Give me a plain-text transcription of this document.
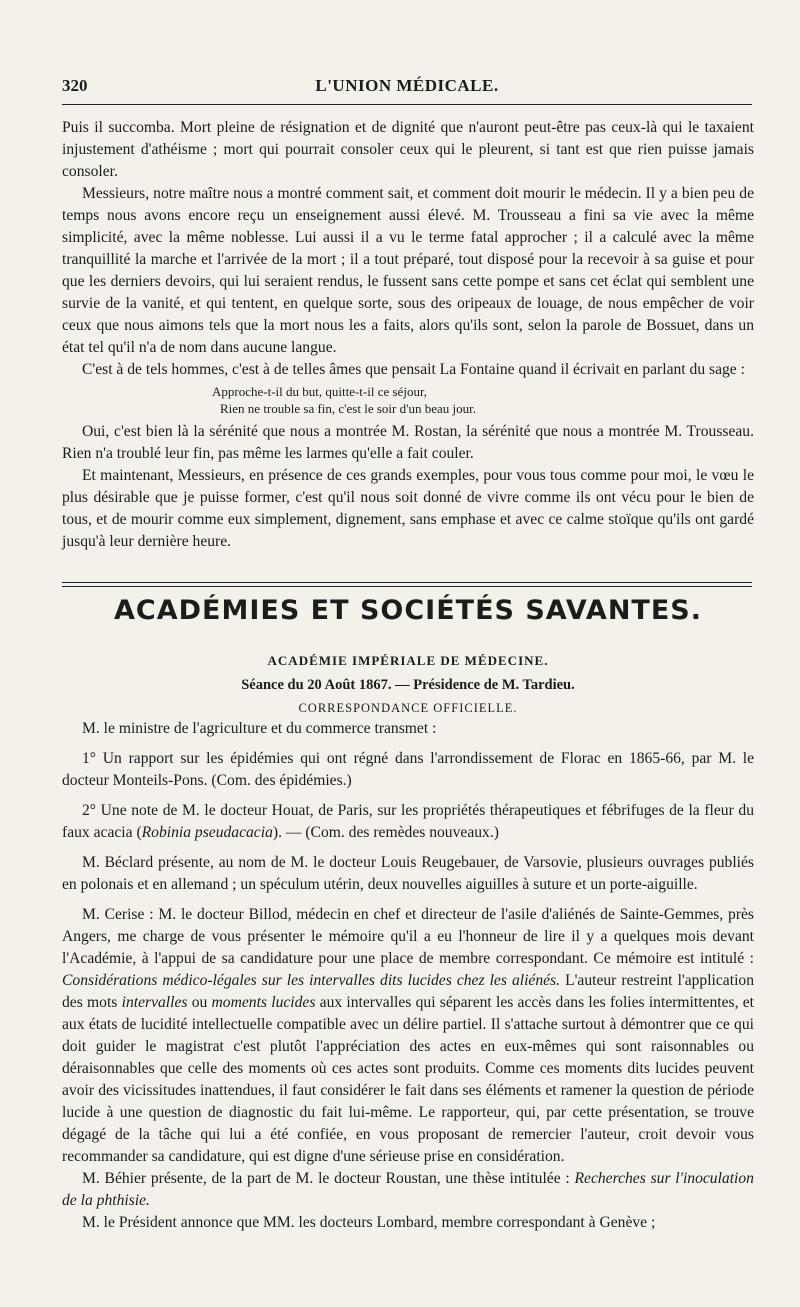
320	L'UNION MÉDICALE.

Puis il succomba. Mort pleine de résignation et de dignité que n'auront peut-être pas ceux-là qui le taxaient injustement d'athéisme ; mort qui pourrait consoler ceux qui le pleurent, si tant est que rien puisse jamais consoler.

Messieurs, notre maître nous a montré comment sait, et comment doit mourir le médecin. Il y a bien peu de temps nous avons encore reçu un enseignement aussi élevé. M. Trousseau a fini sa vie avec la même simplicité, avec la même noblesse. Lui aussi il a vu le terme fatal approcher ; il a calculé avec la même tranquillité la marche et l'arrivée de la mort ; il a tout préparé, tout disposé pour la recevoir à sa guise et pour que les derniers devoirs, qui lui seraient rendus, le fussent sans cette pompe et sans cet éclat qui semblent une survie de la vanité, et qui tentent, en quelque sorte, sous des oripeaux de louage, de nous empêcher de voir ceux que nous aimons tels que la mort nous les a faits, alors qu'ils sont, selon la parole de Bossuet, dans un état tel qu'il n'a de nom dans aucune langue.

C'est à de tels hommes, c'est à de telles âmes que pensait La Fontaine quand il écrivait en parlant du sage :

Approche-t-il du but, quitte-t-il ce séjour,
Rien ne trouble sa fin, c'est le soir d'un beau jour.

Oui, c'est bien là la sérénité que nous a montrée M. Rostan, la sérénité que nous a montrée M. Trousseau. Rien n'a troublé leur fin, pas même les larmes qu'elle a fait couler.

Et maintenant, Messieurs, en présence de ces grands exemples, pour vous tous comme pour moi, le vœu le plus désirable que je puisse former, c'est qu'il nous soit donné de vivre comme ils ont vécu pour le bien de tous, et de mourir comme eux simplement, dignement, sans emphase et avec ce calme stoïque qu'ils ont gardé jusqu'à leur dernière heure.

ACADÉMIES ET SOCIÉTÉS SAVANTES.
ACADÉMIE IMPÉRIALE DE MÉDECINE.
Séance du 20 Août 1867. — Présidence de M. Tardieu.
CORRESPONDANCE OFFICIELLE.

M. le ministre de l'agriculture et du commerce transmet :

1° Un rapport sur les épidémies qui ont régné dans l'arrondissement de Florac en 1865-66, par M. le docteur Monteils-Pons. (Com. des épidémies.)

2° Une note de M. le docteur Houat, de Paris, sur les propriétés thérapeutiques et fébrifuges de la fleur du faux acacia (Robinia pseudacacia). — (Com. des remèdes nouveaux.)

M. Béclard présente, au nom de M. le docteur Louis Reugebauer, de Varsovie, plusieurs ouvrages publiés en polonais et en allemand ; un spéculum utérin, deux nouvelles aiguilles à suture et un porte-aiguille.

M. Cerise : M. le docteur Billod, médecin en chef et directeur de l'asile d'aliénés de Sainte-Gemmes, près Angers, me charge de vous présenter le mémoire qu'il a eu l'honneur de lire il y a quelques mois devant l'Académie, à l'appui de sa candidature pour une place de membre correspondant. Ce mémoire est intitulé : Considérations médico-légales sur les intervalles dits lucides chez les aliénés. L'auteur restreint l'application des mots intervalles ou moments lucides aux intervalles qui séparent les accès dans les folies intermittentes, et aux états de lucidité intellectuelle compatible avec un délire partiel. Il s'attache surtout à démontrer que ce qui doit guider le magistrat c'est plutôt l'appréciation des actes en eux-mêmes qui sont raisonnables ou déraisonnables que celle des moments où ces actes sont produits. Comme ces moments dits lucides peuvent avoir des vicissitudes inattendues, il faut considérer le fait dans ses éléments et ramener la question de période lucide à une question de diagnostic du fait lui-même. Le rapporteur, qui, par cette présentation, se trouve dégagé de la tâche qui lui a été confiée, en vous proposant de remercier l'auteur, croit devoir vous recommander sa candidature, qui est digne d'une sérieuse prise en considération.

M. Béhier présente, de la part de M. le docteur Roustan, une thèse intitulée : Recherches sur l'inoculation de la phthisie.

M. le Président annonce que MM. les docteurs Lombard, membre correspondant à Genève ;
